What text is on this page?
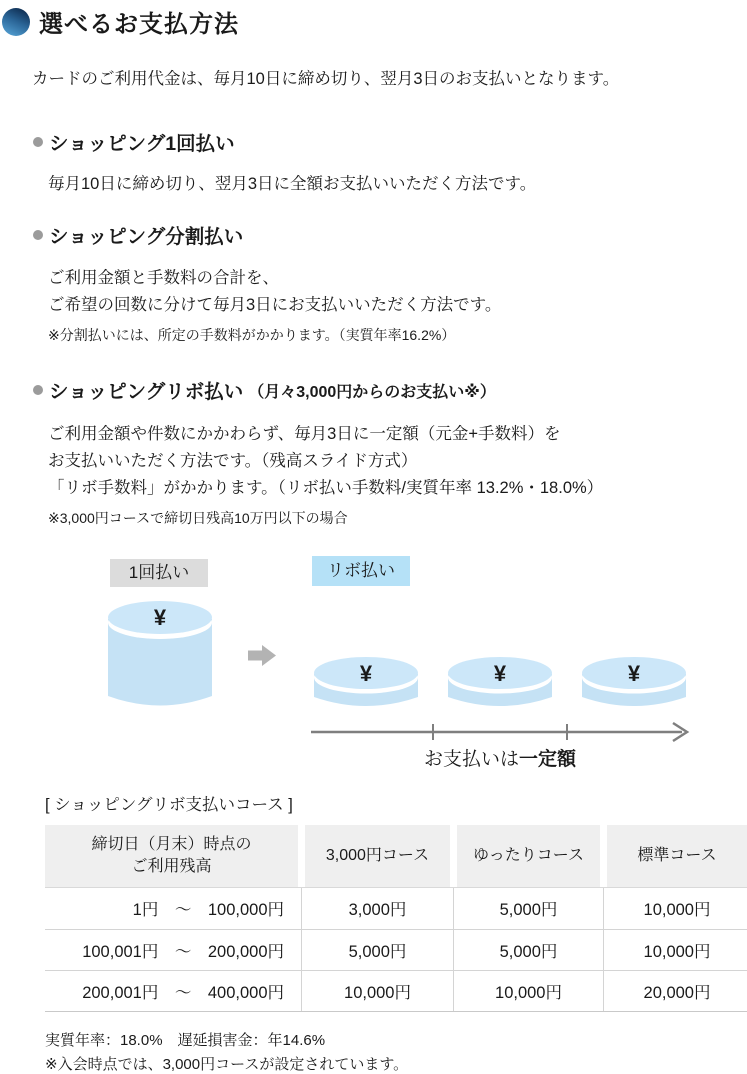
選べるお支払方法

カードのご利用代金は、毎月10日に締め切り、翌月3日のお支払いとなります。

ショッピング1回払い
毎月10日に締め切り、翌月3日に全額お支払いいただく方法です。
ショッピング分割払い
ご利用金額と手数料の合計を、
ご希望の回数に分けて毎月3日にお支払いいただく方法です。
※分割払いには、所定の手数料がかかります。（実質年率16.2%）
ショッピングリボ払い （月々3,000円からのお支払い※）
ご利用金額や件数にかかわらず、毎月3日に一定額（元金+手数料）を
お支払いいただく方法です。（残高スライド方式）
「リボ手数料」がかかります。（リボ払い手数料/実質年率 13.2%・18.0%）
※3,000円コースで締切日残高10万円以下の場合
1回払い
¥
リボ払い
¥	¥	¥
お支払いは一定額
[ ショッピングリボ支払いコース ]
締切日（月末）時点の
ご利用残高
3,000円コース	ゆったりコース	標準コース
1円　～　100,000円	3,000円	5,000円	10,000円
100,001円　～　200,000円	5,000円	5,000円	10,000円
200,001円　～　400,000円	10,000円	10,000円	20,000円

実質年率：18.0%　遅延損害金：年14.6%

※入会時点では、3,000円コースが設定されています。
